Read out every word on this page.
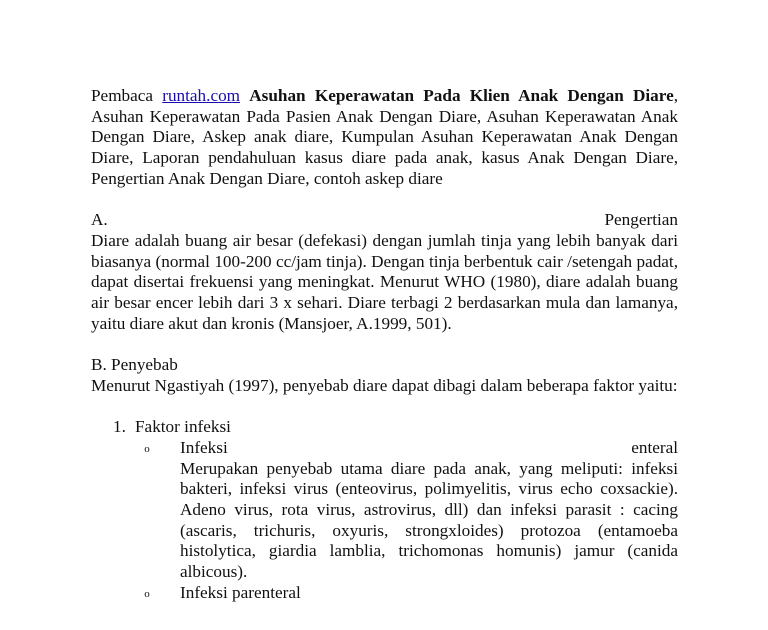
Pembaca runtah.com Asuhan Keperawatan Pada Klien Anak Dengan Diare, Asuhan Keperawatan Pada Pasien Anak Dengan Diare, Asuhan Keperawatan Anak Dengan Diare, Askep anak diare, Kumpulan Asuhan Keperawatan Anak Dengan Diare, Laporan pendahuluan kasus diare pada anak, kasus Anak Dengan Diare, Pengertian Anak Dengan Diare, contoh askep diare

A.	Pengertian

Diare adalah buang air besar (defekasi) dengan jumlah tinja yang lebih banyak dari biasanya (normal 100-200 cc/jam tinja). Dengan tinja berbentuk cair /setengah padat, dapat disertai frekuensi yang meningkat. Menurut WHO (1980), diare adalah buang air besar encer lebih dari 3 x sehari. Diare terbagi 2 berdasarkan mula dan lamanya, yaitu diare akut dan kronis (Mansjoer, A.1999, 501).

B. Penyebab

Menurut Ngastiyah (1997), penyebab diare dapat dibagi dalam beberapa faktor yaitu:

1. Faktor infeksi
o	Infeksi	enteral

Merupakan penyebab utama diare pada anak, yang meliputi: infeksi bakteri, infeksi virus (enteovirus, polimyelitis, virus echo coxsackie). Adeno virus, rota virus, astrovirus, dll) dan infeksi parasit : cacing (ascaris, trichuris, oxyuris, strongxloides) protozoa (entamoeba histolytica, giardia lamblia, trichomonas homunis) jamur (canida albicous).

o	Infeksi parenteral
